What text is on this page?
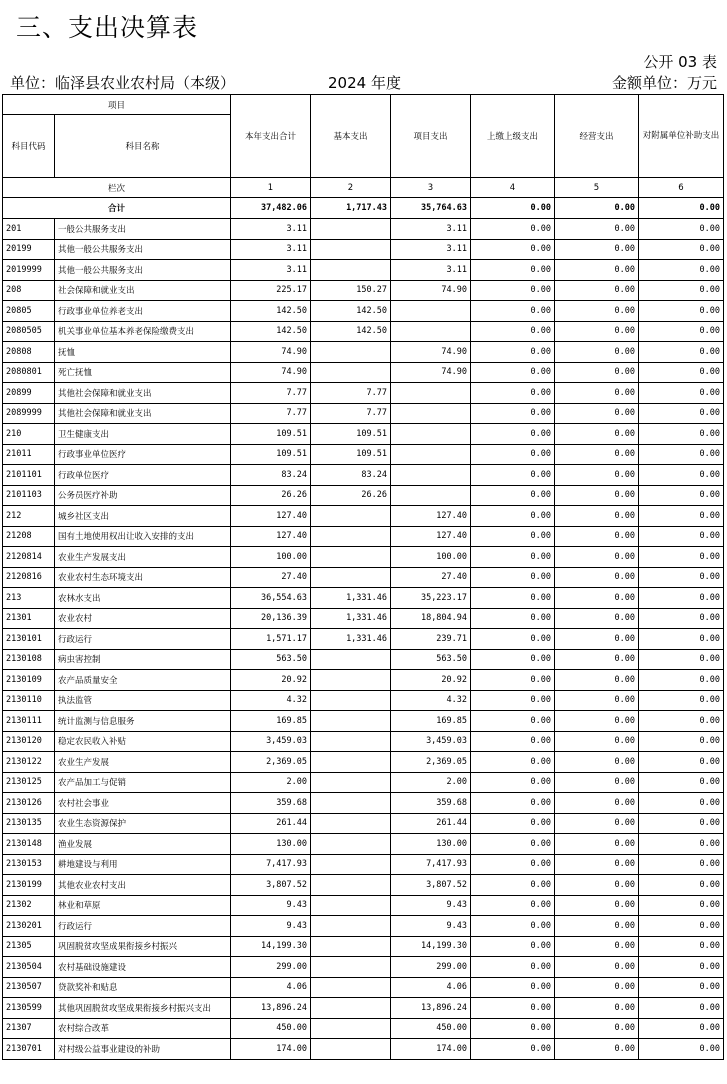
三、支出决算表
公开 03 表
单位：临泽县农业农村局（本级）	2024 年度	金额单位：万元
项目		本年支出合计	基本支出	项目支出	上缴上级支出	经营支出	对附属单位补助支出
科目代码	科目名称						
栏次		1	2	3	4	5	6
合计		37,482.06	1,717.43	35,764.63	0.00	0.00	0.00
201	一般公共服务支出	3.11		3.11	0.00	0.00	0.00
20199	其他一般公共服务支出	3.11		3.11	0.00	0.00	0.00
2019999	其他一般公共服务支出	3.11		3.11	0.00	0.00	0.00
208	社会保障和就业支出	225.17	150.27	74.90	0.00	0.00	0.00
20805	行政事业单位养老支出	142.50	142.50		0.00	0.00	0.00
2080505	机关事业单位基本养老保险缴费支出	142.50	142.50		0.00	0.00	0.00
20808	抚恤	74.90		74.90	0.00	0.00	0.00
2080801	死亡抚恤	74.90		74.90	0.00	0.00	0.00
20899	其他社会保障和就业支出	7.77	7.77		0.00	0.00	0.00
2089999	其他社会保障和就业支出	7.77	7.77		0.00	0.00	0.00
210	卫生健康支出	109.51	109.51		0.00	0.00	0.00
21011	行政事业单位医疗	109.51	109.51		0.00	0.00	0.00
2101101	行政单位医疗	83.24	83.24		0.00	0.00	0.00
2101103	公务员医疗补助	26.26	26.26		0.00	0.00	0.00
212	城乡社区支出	127.40		127.40	0.00	0.00	0.00
21208	国有土地使用权出让收入安排的支出	127.40		127.40	0.00	0.00	0.00
2120814	农业生产发展支出	100.00		100.00	0.00	0.00	0.00
2120816	农业农村生态环境支出	27.40		27.40	0.00	0.00	0.00
213	农林水支出	36,554.63	1,331.46	35,223.17	0.00	0.00	0.00
21301	农业农村	20,136.39	1,331.46	18,804.94	0.00	0.00	0.00
2130101	行政运行	1,571.17	1,331.46	239.71	0.00	0.00	0.00
2130108	病虫害控制	563.50		563.50	0.00	0.00	0.00
2130109	农产品质量安全	20.92		20.92	0.00	0.00	0.00
2130110	执法监管	4.32		4.32	0.00	0.00	0.00
2130111	统计监测与信息服务	169.85		169.85	0.00	0.00	0.00
2130120	稳定农民收入补贴	3,459.03		3,459.03	0.00	0.00	0.00
2130122	农业生产发展	2,369.05		2,369.05	0.00	0.00	0.00
2130125	农产品加工与促销	2.00		2.00	0.00	0.00	0.00
2130126	农村社会事业	359.68		359.68	0.00	0.00	0.00
2130135	农业生态资源保护	261.44		261.44	0.00	0.00	0.00
2130148	渔业发展	130.00		130.00	0.00	0.00	0.00
2130153	耕地建设与利用	7,417.93		7,417.93	0.00	0.00	0.00
2130199	其他农业农村支出	3,807.52		3,807.52	0.00	0.00	0.00
21302	林业和草原	9.43		9.43	0.00	0.00	0.00
2130201	行政运行	9.43		9.43	0.00	0.00	0.00
21305	巩固脱贫攻坚成果衔接乡村振兴	14,199.30		14,199.30	0.00	0.00	0.00
2130504	农村基础设施建设	299.00		299.00	0.00	0.00	0.00
2130507	贷款奖补和贴息	4.06		4.06	0.00	0.00	0.00
2130599	其他巩固脱贫攻坚成果衔接乡村振兴支出	13,896.24		13,896.24	0.00	0.00	0.00
21307	农村综合改革	450.00		450.00	0.00	0.00	0.00
2130701	对村级公益事业建设的补助	174.00		174.00	0.00	0.00	0.00
